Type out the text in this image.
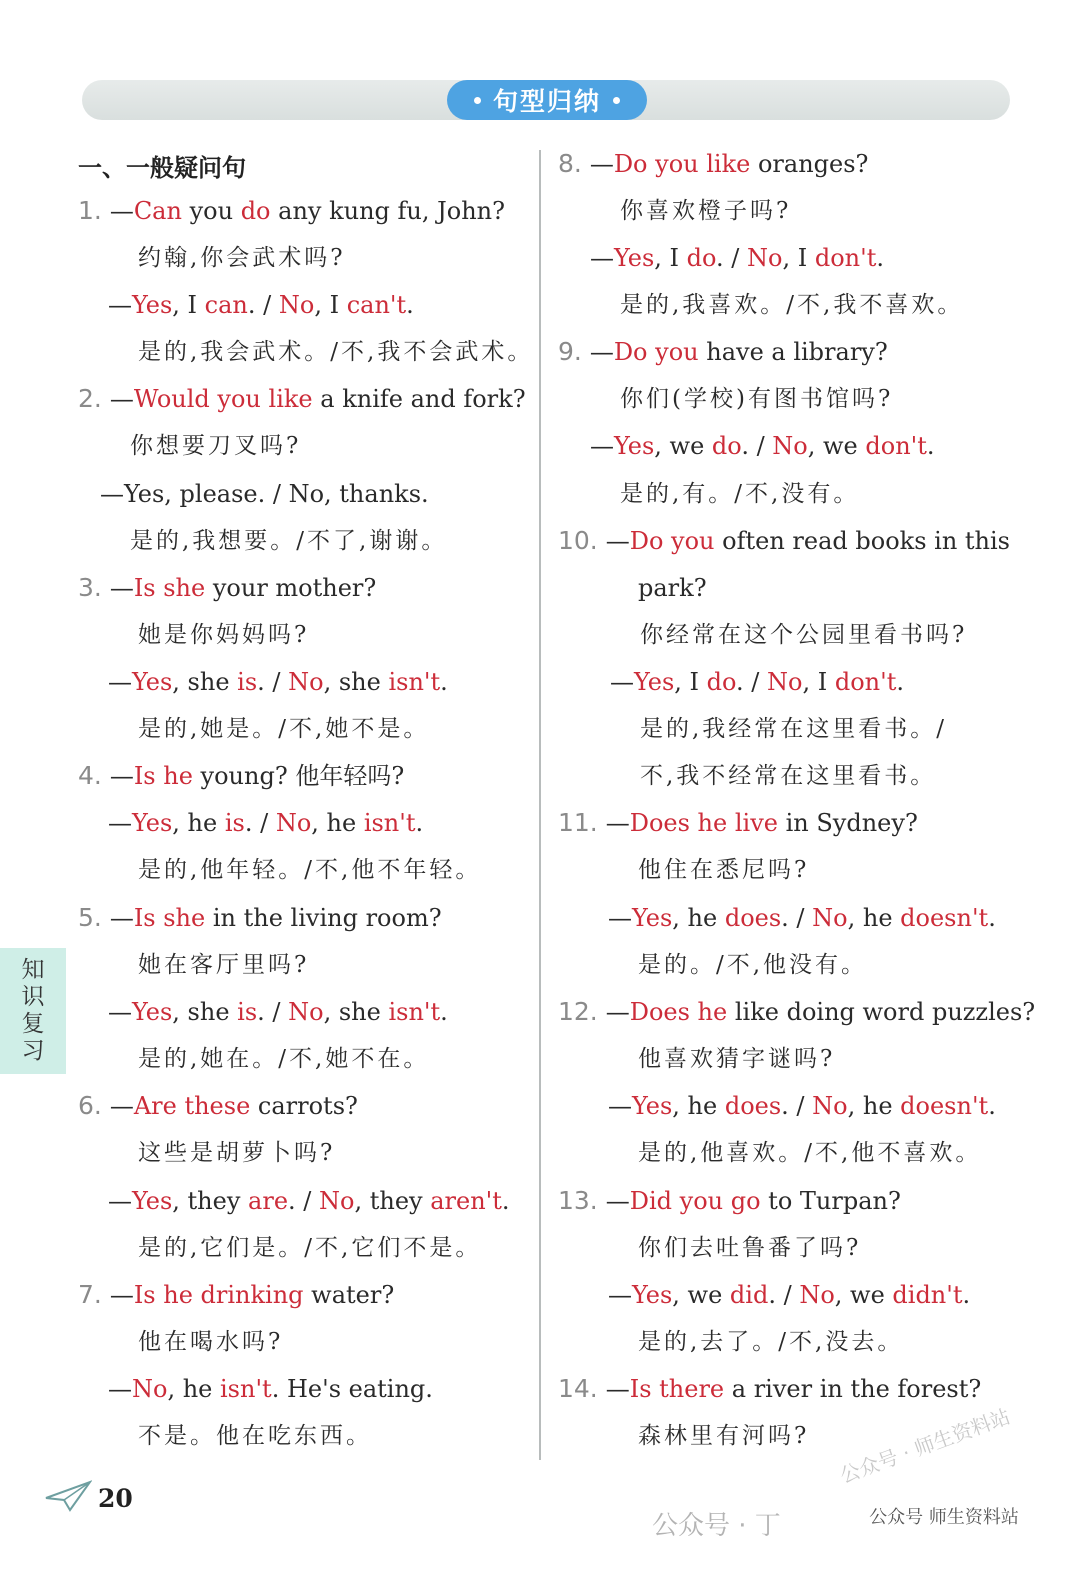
句型归纳
一、一般疑问句
1. —Can you do any kung fu, John?
约翰,你会武术吗?
—Yes, I can. / No, I can't.
是的,我会武术。/不,我不会武术。
2. —Would you like a knife and fork?
你想要刀叉吗?
—Yes, please. / No, thanks.
是的,我想要。/不了,谢谢。
3. —Is she your mother?
她是你妈妈吗?
—Yes, she is. / No, she isn't.
是的,她是。/不,她不是。
4. —Is he young? 他年轻吗?
—Yes, he is. / No, he isn't.
是的,他年轻。/不,他不年轻。
5. —Is she in the living room?
她在客厅里吗?
—Yes, she is. / No, she isn't.
是的,她在。/不,她不在。
6. —Are these carrots?
这些是胡萝卜吗?
—Yes, they are. / No, they aren't.
是的,它们是。/不,它们不是。
7. —Is he drinking water?
他在喝水吗?
—No, he isn't. He's eating.
不是。他在吃东西。
8. —Do you like oranges?
你喜欢橙子吗?
—Yes, I do. / No, I don't.
是的,我喜欢。/不,我不喜欢。
9. —Do you have a library?
你们(学校)有图书馆吗?
—Yes, we do. / No, we don't.
是的,有。/不,没有。
10. —Do you often read books in this
park?
你经常在这个公园里看书吗?
—Yes, I do. / No, I don't.
是的,我经常在这里看书。/
不,我不经常在这里看书。
11. —Does he live in Sydney?
他住在悉尼吗?
—Yes, he does. / No, he doesn't.
是的。/不,他没有。
12. —Does he like doing word puzzles?
他喜欢猜字谜吗?
—Yes, he does. / No, he doesn't.
是的,他喜欢。/不,他不喜欢。
13. —Did you go to Turpan?
你们去吐鲁番了吗?
—Yes, we did. / No, we didn't.
是的,去了。/不,没去。
14. —Is there a river in the forest?
森林里有河吗?
知
识
复
习
20
公众号 · 师生资料站
公众号 · 丁	公众号 师生资料站
